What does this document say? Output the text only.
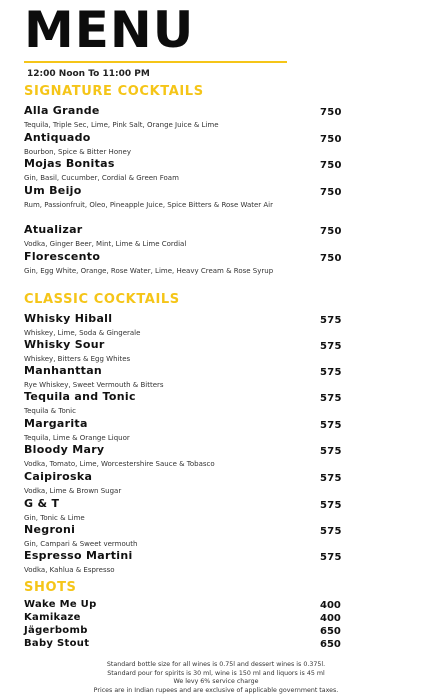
MENU
12:00 Noon To 11:00 PM
SIGNATURE COCKTAILS
Alla Grande
Tequila, Triple Sec, Lime, Pink Salt, Orange Juice & Lime
750
Antiquado
Bourbon, Spice & Bitter Honey
750
Mojas Bonitas
Gin, Basil, Cucumber, Cordial & Green Foam
750
Um Beijo
Rum, Passionfruit, Oleo, Pineapple Juice, Spice Bitters & Rose Water Air
750
Atualizar
Vodka, Ginger Beer, Mint, Lime & Lime Cordial
750
Florescento
Gin, Egg White, Orange, Rose Water, Lime, Heavy Cream & Rose Syrup
750
CLASSIC COCKTAILS
Whisky Hiball
Whiskey, Lime, Soda & Gingerale
575
Whisky Sour
Whiskey, Bitters & Egg Whites
575
Manhanttan
Rye Whiskey, Sweet Vermouth & Bitters
575
Tequila and Tonic
Tequila & Tonic
575
Margarita
Tequila, Lime & Orange Liquor
575
Bloody Mary
Vodka, Tomato, Lime, Worcestershire Sauce & Tobasco
575
Caipiroska
Vodka, Lime & Brown Sugar
575
G & T
Gin, Tonic & Lime
575
Negroni
Gin, Campari & Sweet vermouth
575
Espresso Martini
Vodka, Kahlua & Espresso
575
SHOTS
Wake Me Up	400
Kamikaze	400
Jägerbomb	650
Baby Stout	650
Standard bottle size for all wines is 0.75l and dessert wines is 0.375l.
Standard pour for spirits is 30 ml, wine is 150 ml and liquors is 45 ml
We levy 6% service charge
Prices are in Indian rupees and are exclusive of applicable government taxes.
